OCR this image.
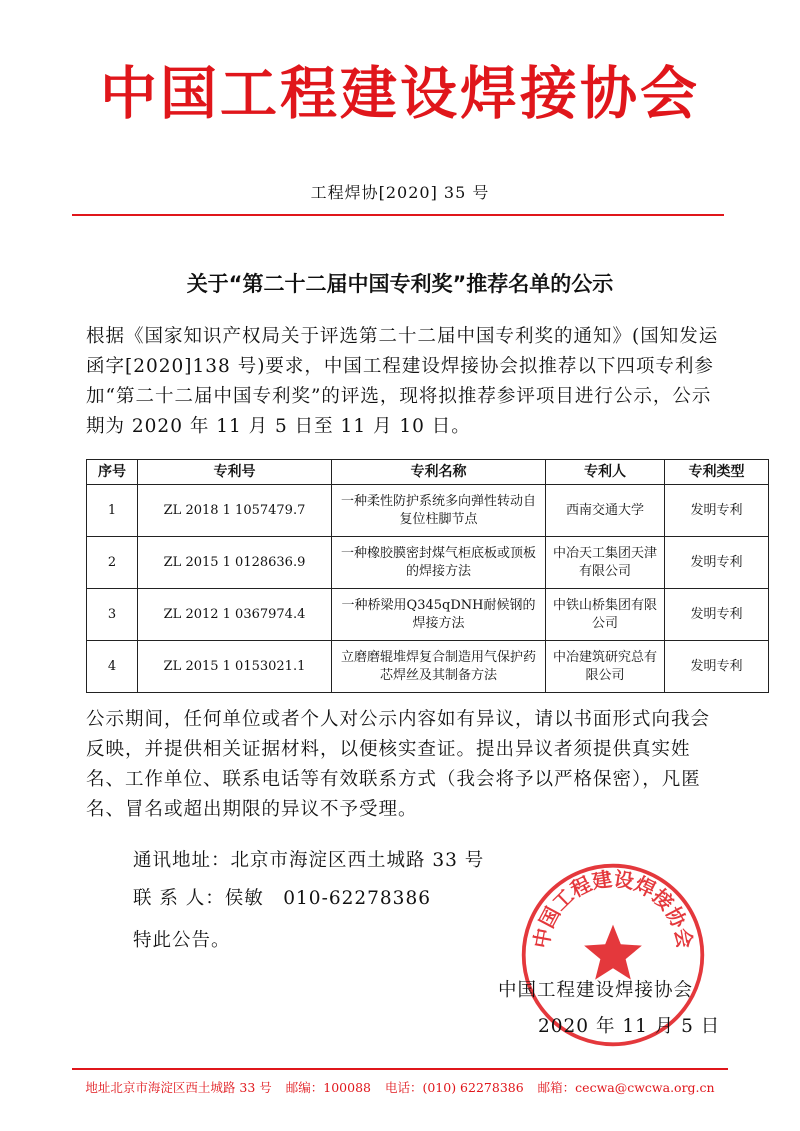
中国工程建设焊接协会
工程焊协[2020] 35 号
关于“第二十二届中国专利奖”推荐名单的公示
根据《国家知识产权局关于评选第二十二届中国专利奖的通知》(国知发运函字[2020]138 号)要求，中国工程建设焊接协会拟推荐以下四项专利参加“第二十二届中国专利奖”的评选，现将拟推荐参评项目进行公示，公示期为 2020 年 11 月 5 日至 11 月 10 日。
序号	专利号	专利名称	专利人	专利类型
1	ZL 2018 1 1057479.7	一种柔性防护系统多向弹性转动自复位柱脚节点	西南交通大学	发明专利
2	ZL 2015 1 0128636.9	一种橡胶膜密封煤气柜底板或顶板的焊接方法	中冶天工集团天津有限公司	发明专利
3	ZL 2012 1 0367974.4	一种桥梁用Q345qDNH耐候钢的焊接方法	中铁山桥集团有限公司	发明专利
4	ZL 2015 1 0153021.1	立磨磨辊堆焊复合制造用气保护药芯焊丝及其制备方法	中冶建筑研究总有限公司	发明专利
公示期间，任何单位或者个人对公示内容如有异议，请以书面形式向我会反映，并提供相关证据材料，以便核实查证。提出异议者须提供真实姓名、工作单位、联系电话等有效联系方式（我会将予以严格保密），凡匿名、冒名或超出期限的异议不予受理。
通讯地址：北京市海淀区西土城路 33 号
联 系 人：侯敏　010-62278386
特此公告。	中国工程建设焊接协会
中国工程建设焊接协会
2020 年 11 月 5 日
地址北京市海淀区西土城路 33 号 邮编：100088 电话：(010) 62278386 邮箱：cecwa@cwcwa.org.cn
